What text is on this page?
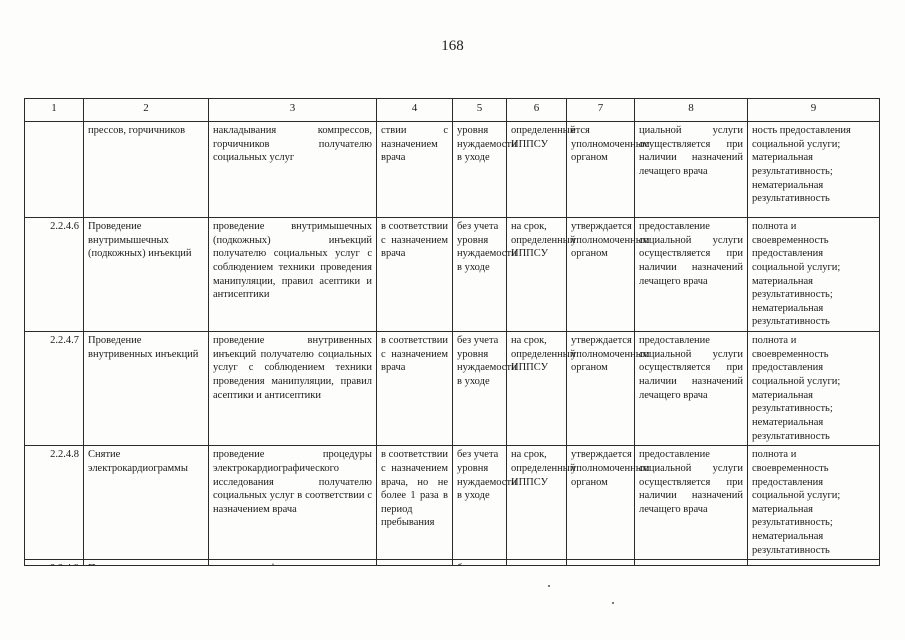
168
1	2	3	4	5	6	7	8	9
	прессов, горчичников	накладывания компрессов, горчичников получателю социальных услуг	ствии с назначением врача	уровня нуждаемости в уходе	определенный ИППСУ	ется уполномоченным органом	циальной услуги осуществляется при наличии назначений лечащего врача	ность предоставления социальной услуги;
материальная результативность;
нематериальная результативность

2.2.4.6	Проведение внутримышечных (подкожных) инъекций	проведение внутримышечных (подкожных) инъекций получателю социальных услуг с соблюдением техники проведения манипуляции, правил асептики и антисептики	в соответствии с назначением врача	без учета уровня нуждаемости в уходе	на срок, определенный ИППСУ	утверждается уполномоченным органом	предоставление социальной услуги осуществляется при наличии назначений лечащего врача	полнота и своевременность предоставления социальной услуги;
материальная результативность;
нематериальная результативность

2.2.4.7	Проведение внутривенных инъекций	проведение внутривенных инъекций получателю социальных услуг с соблюдением техники проведения манипуляции, правил асептики и антисептики	в соответствии с назначением врача	без учета уровня нуждаемости в уходе	на срок, определенный ИППСУ	утверждается уполномоченным органом	предоставление социальной услуги осуществляется при наличии назначений лечащего врача	полнота и своевременность предоставления социальной услуги;
материальная результативность;
нематериальная результативность

2.2.4.8	Снятие электрокардиограммы	проведение процедуры электрокардиографического исследования получателю социальных услуг в соответствии с назначением врача	в соответствии с назначением врача, но не более 1 раза в период пребывания	без учета уровня нуждаемости в уходе	на срок, определенный ИППСУ	утверждается уполномоченным органом	предоставление социальной услуги осуществляется при наличии назначений лечащего врача	полнота и своевременность предоставления социальной услуги;
материальная результативность;
нематериальная результативность
